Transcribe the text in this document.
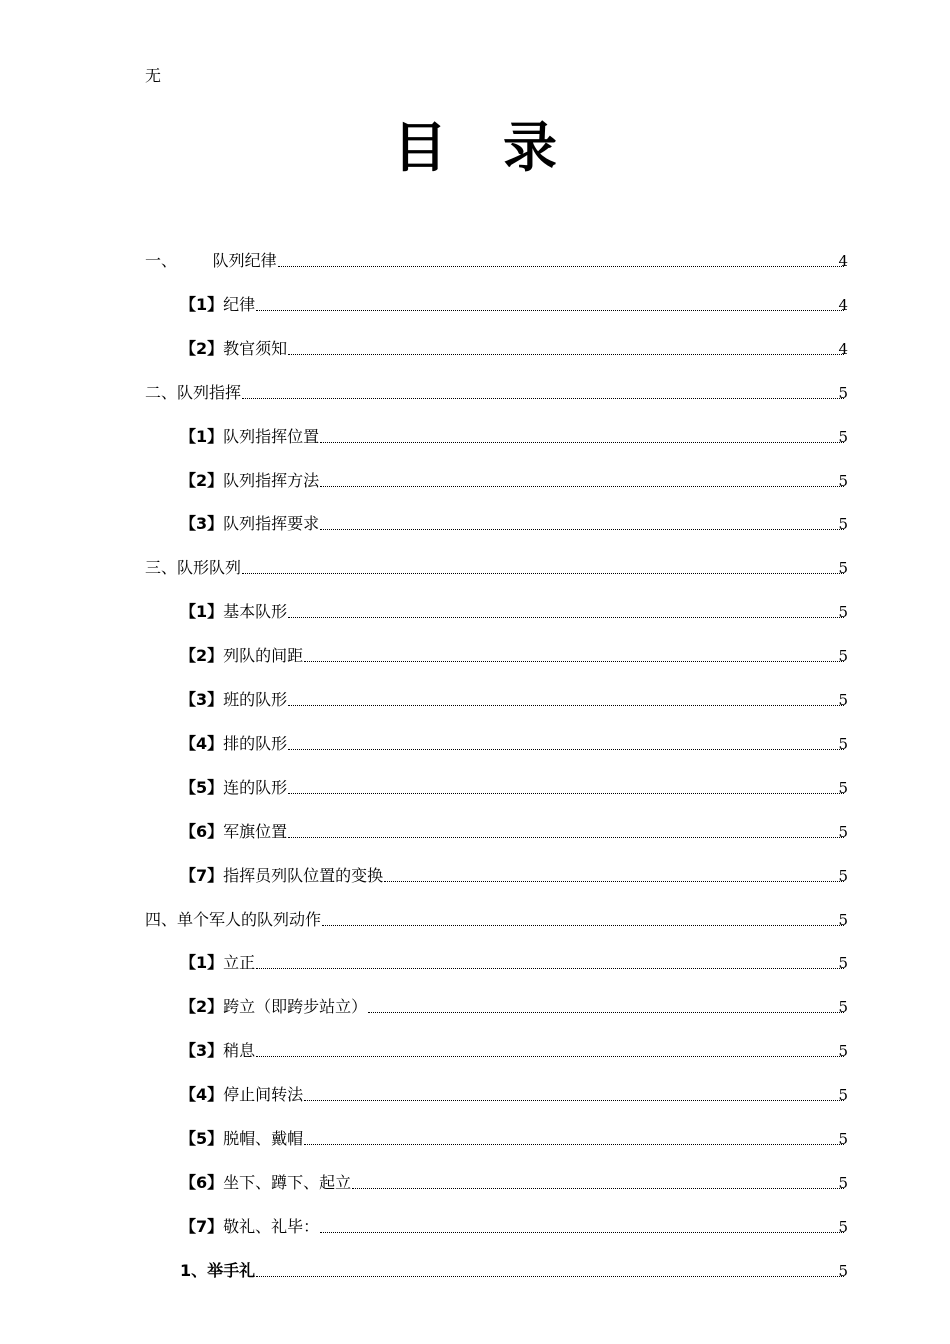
无
目录
一、       队列纪律	4
【1】纪律	4
【2】教官须知	4
二、队列指挥	5
【1】队列指挥位置	5
【2】队列指挥方法	5
【3】队列指挥要求	5
三、队形队列	5
【1】基本队形	5
【2】列队的间距	5
【3】班的队形	5
【4】排的队形	5
【5】连的队形	5
【6】军旗位置	5
【7】指挥员列队位置的变换	5
四、单个军人的队列动作	5
【1】立正	5
【2】跨立（即跨步站立）	5
【3】稍息	5
【4】停止间转法	5
【5】脱帽、戴帽	5
【6】坐下、蹲下、起立	5
【7】敬礼、礼毕：	5
1、举手礼	5
